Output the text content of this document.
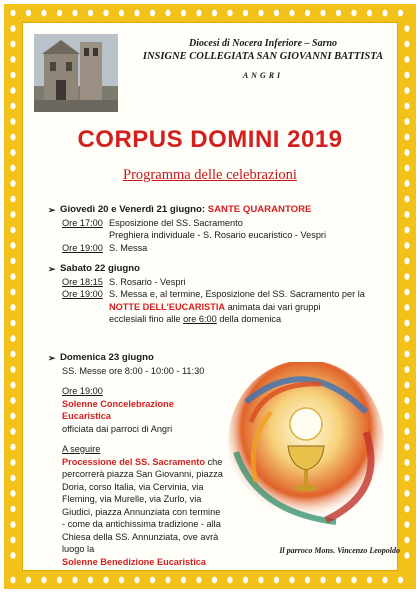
Diocesi di Nocera Inferiore – Sarno
INSIGNE COLLEGIATA SAN GIOVANNI BATTISTA
ANGRI
CORPUS DOMINI 2019
Programma delle celebrazioni
➢ Giovedì 20 e Venerdì 21 giugno: SANTE QUARANTORE
Ore 17:00 Esposizione del SS. Sacramento
Preghiera individuale - S. Rosario eucaristico - Vespri
Ore 19:00 S. Messa
➢ Sabato 22 giugno
Ore 18:15 S. Rosario - Vespri
Ore 19:00 S. Messa e, al termine, Esposizione del SS. Sacramento per la
NOTTE DELL'EUCARISTIA animata dai vari gruppi
ecclesiali fino alle ore 6:00 della domenica
➢ Domenica 23 giugno
SS. Messe ore 8:00 - 10:00 - 11:30
Ore 19:00
Solenne Concelebrazione Eucaristica
officiata dai parroci di Angri
A seguire
Processione del SS. Sacramento che percorrerà piazza San Giovanni, piazza Doria, corso Italia, via Cervinia, via Fleming, via Murelle, via Zurlo, via Giudici, piazza Annunziata con termine - come da antichissima tradizione - alla Chiesa della SS. Annunziata, ove avrà luogo la
Solenne Benedizione Eucaristica
Il parroco Mons. Vincenzo Leopoldo
